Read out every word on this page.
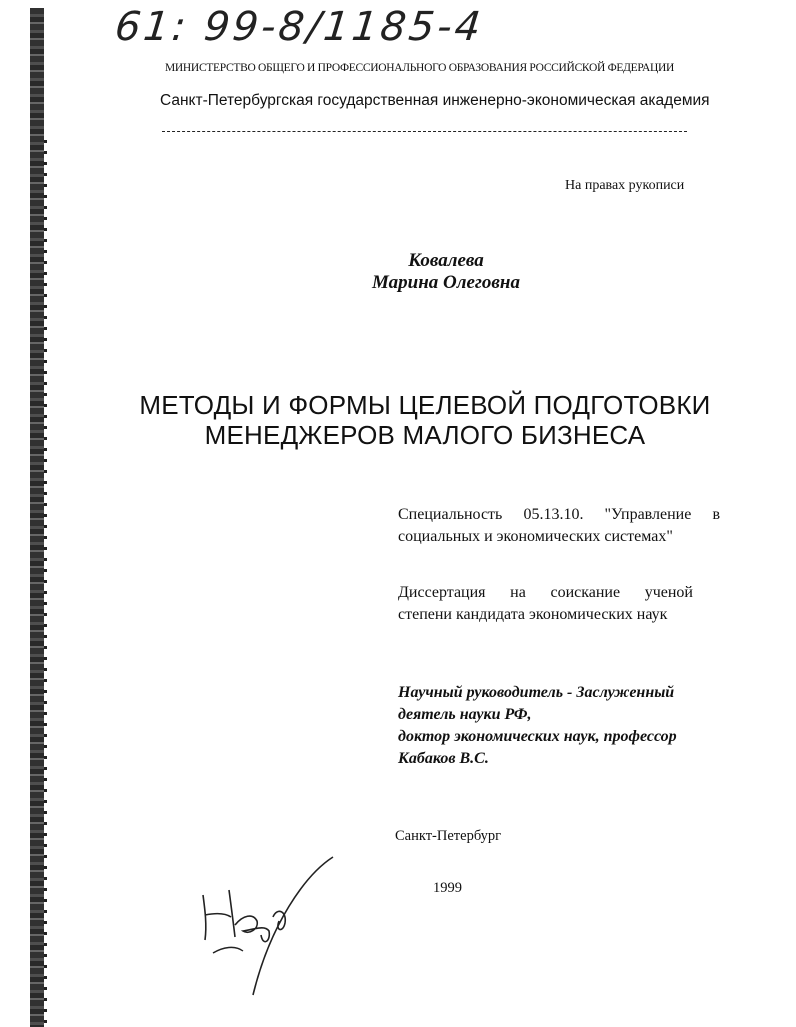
61: 99-8/1185-4
МИНИСТЕРСТВО ОБЩЕГО И ПРОФЕССИОНАЛЬНОГО ОБРАЗОВАНИЯ РОССИЙСКОЙ ФЕДЕРАЦИИ
Санкт-Петербургская государственная инженерно-экономическая академия
На правах рукописи
Ковалева
Марина Олеговна
МЕТОДЫ И ФОРМЫ ЦЕЛЕВОЙ ПОДГОТОВКИ
МЕНЕДЖЕРОВ МАЛОГО БИЗНЕСА
Специальность 05.13.10. "Управление в
социальных и экономических системах"
Диссертация на соискание ученой
степени кандидата экономических наук
Научный руководитель - Заслуженный
деятель науки РФ,
доктор экономических наук, профессор
Кабаков В.С.
Санкт-Петербург
1999
